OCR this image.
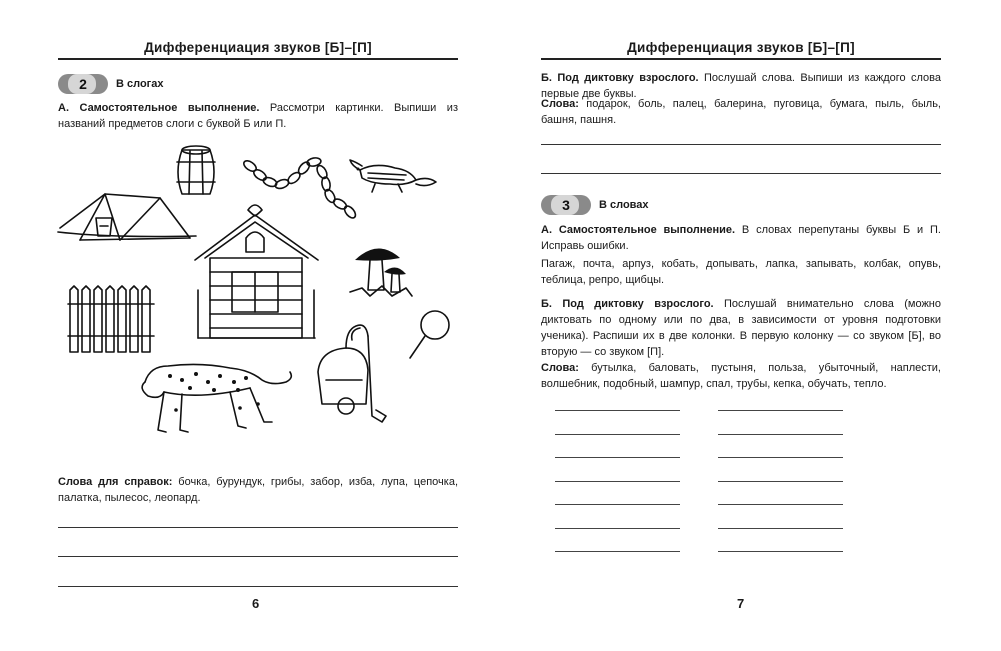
Дифференциация звуков [Б]–[П]
2	В слогах
А. Самостоятельное выполнение. Рассмотри картинки. Выпиши из названий предметов слоги с буквой Б или П.
Слова для справок: бочка, бурундук, грибы, забор, изба, лупа, цепочка, палатка, пылесос, леопард.
6
Дифференциация звуков [Б]–[П]
Б. Под диктовку взрослого. Послушай слова. Выпиши из каждого слова первые две буквы.
Слова: подарок, боль, палец, балерина, пуговица, бумага, пыль, быль, башня, пашня.
3	В словах
А. Самостоятельное выполнение. В словах перепутаны буквы Б и П. Исправь ошибки.
Пагаж, почта, арпуз, кобать, допывать, лапка, запывать, колбак, опувь, теблица, репро, щибцы.
Б. Под диктовку взрослого. Послушай внимательно слова (можно диктовать по одному или по два, в зависимости от уровня подготовки ученика). Распиши их в две колонки. В первую колонку — со звуком [Б], во вторую — со звуком [П].
Слова: бутылка, баловать, пустыня, польза, убыточный, наплести, волшебник, подобный, шампур, спал, трубы, кепка, обучать, тепло.
7
